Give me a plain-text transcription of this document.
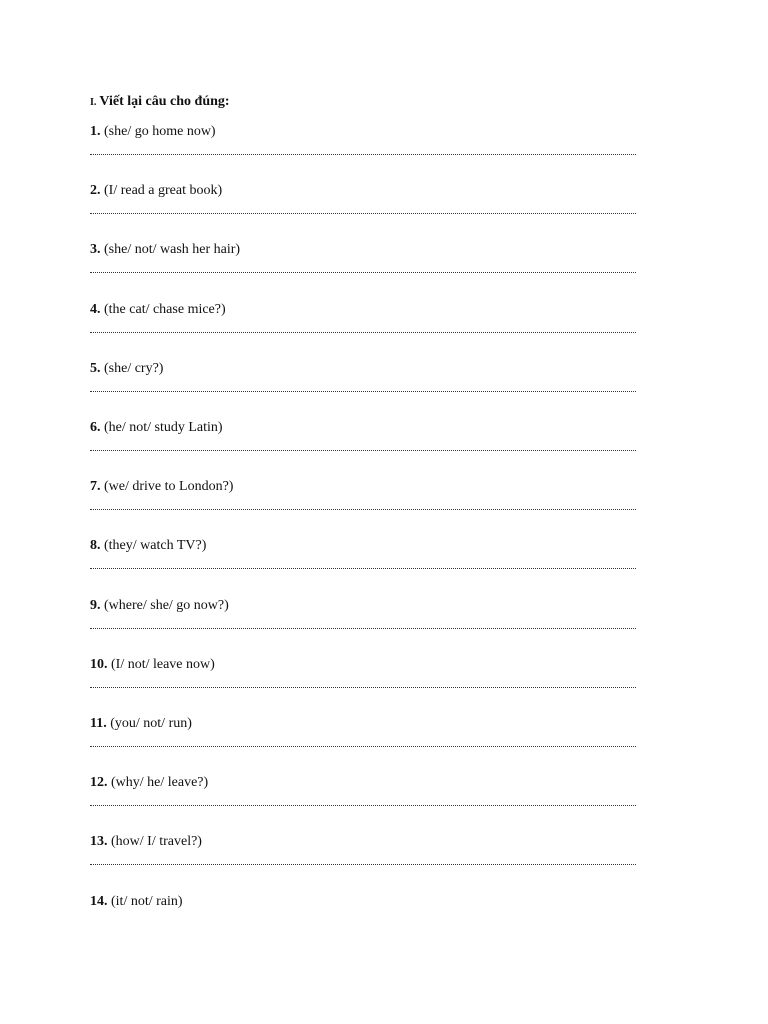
I. Viết lại câu cho đúng:
1. (she/ go home now)
2. (I/ read a great book)
3. (she/ not/ wash her hair)
4. (the cat/ chase mice?)
5. (she/ cry?)
6. (he/ not/ study Latin)
7. (we/ drive to London?)
8. (they/ watch TV?)
9. (where/ she/ go now?)
10. (I/ not/ leave now)
11. (you/ not/ run)
12. (why/ he/ leave?)
13. (how/ I/ travel?)
14. (it/ not/ rain)
